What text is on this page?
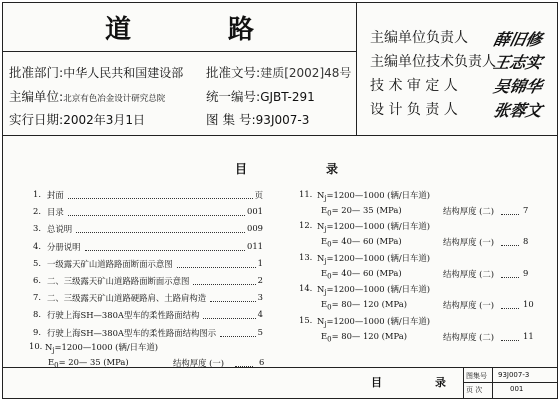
道 路
批准部门:中华人民共和国建设部 批准文号:建质[2002]48号
主编单位:北京有色冶金设计研究总院	统一编号:GJBT-291
实行日期:2002年3月1日	图 集 号:93J007-3
主编单位负责人 薛旧修
主编单位技术负责人
王志实
技 术 审 定 人 吴锦华
设 计 负 责 人 张蓉文
目	录
1. 封面	页
2. 目录	001
3. 总说明	009
4. 分册说明	011
5. 一级露天矿山道路路面断面示意图	1
6. 二、三级露天矿山道路路面断面示意图	2
7. 二、三级露天矿山道路硬路肩、土路肩构造	3
8. 行驶上海SH—380A型车的柔性路面结构	4
9. 行驶上海SH—380A型车的柔性路面结构图示	5
10. $N_j=1200—1000$ (辆/日车道)
$E_0=$ 20— 35 (MPa)	结构厚度 (一)	6
11. $N_j=1200—1000$ (辆/日车道)
$E_0=$ 20— 35 (MPa)	结构厚度 (二)	7
12. $N_j=1200—1000$ (辆/日车道)
$E_0=$ 40— 60 (MPa)	结构厚度 (一)	8
13. $N_j=1200—1000$ (辆/日车道)
$E_0=$ 40— 60 (MPa)	结构厚度 (二)	9
14. $N_j=1200—1000$ (辆/日车道)
$E_0=$ 80— 120 (MPa)	结构厚度 (一)	10
15. $N_j=1200—1000$ (辆/日车道)
$E_0=$ 80— 120 (MPa)	结构厚度 (二)	11
目	录	图集号 93J007-3
页 次	001
